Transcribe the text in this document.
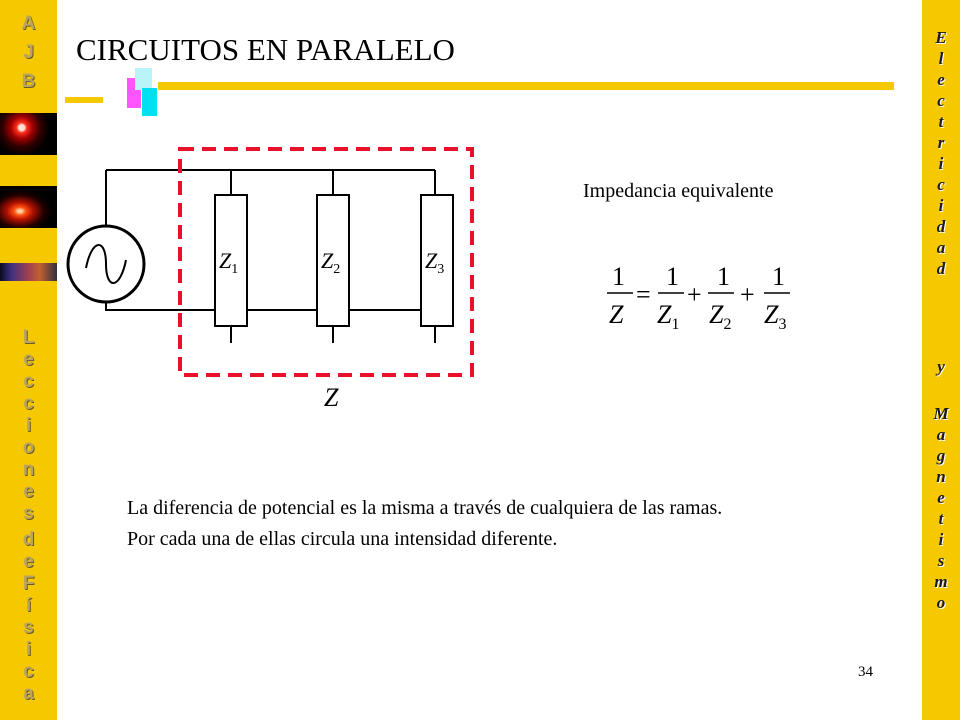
A
J
B
L
e
c
c
i
o
n
e
s
d
e
F
í
s
i
c
a
E
l
e
c
t
r
i
c
i
d
a
d
y
M
a
g
n
e
t
i
s
m
o
CIRCUITOS EN PARALELO
$Z_1$	$Z_2$	$Z_3$
Z
Impedancia equivalente
1
Z
=
1
$Z_1$
+
1
$Z_2$
+
1
$Z_3$
La diferencia de potencial es la misma a través de cualquiera de las ramas.
Por cada una de ellas circula una intensidad diferente.
34
